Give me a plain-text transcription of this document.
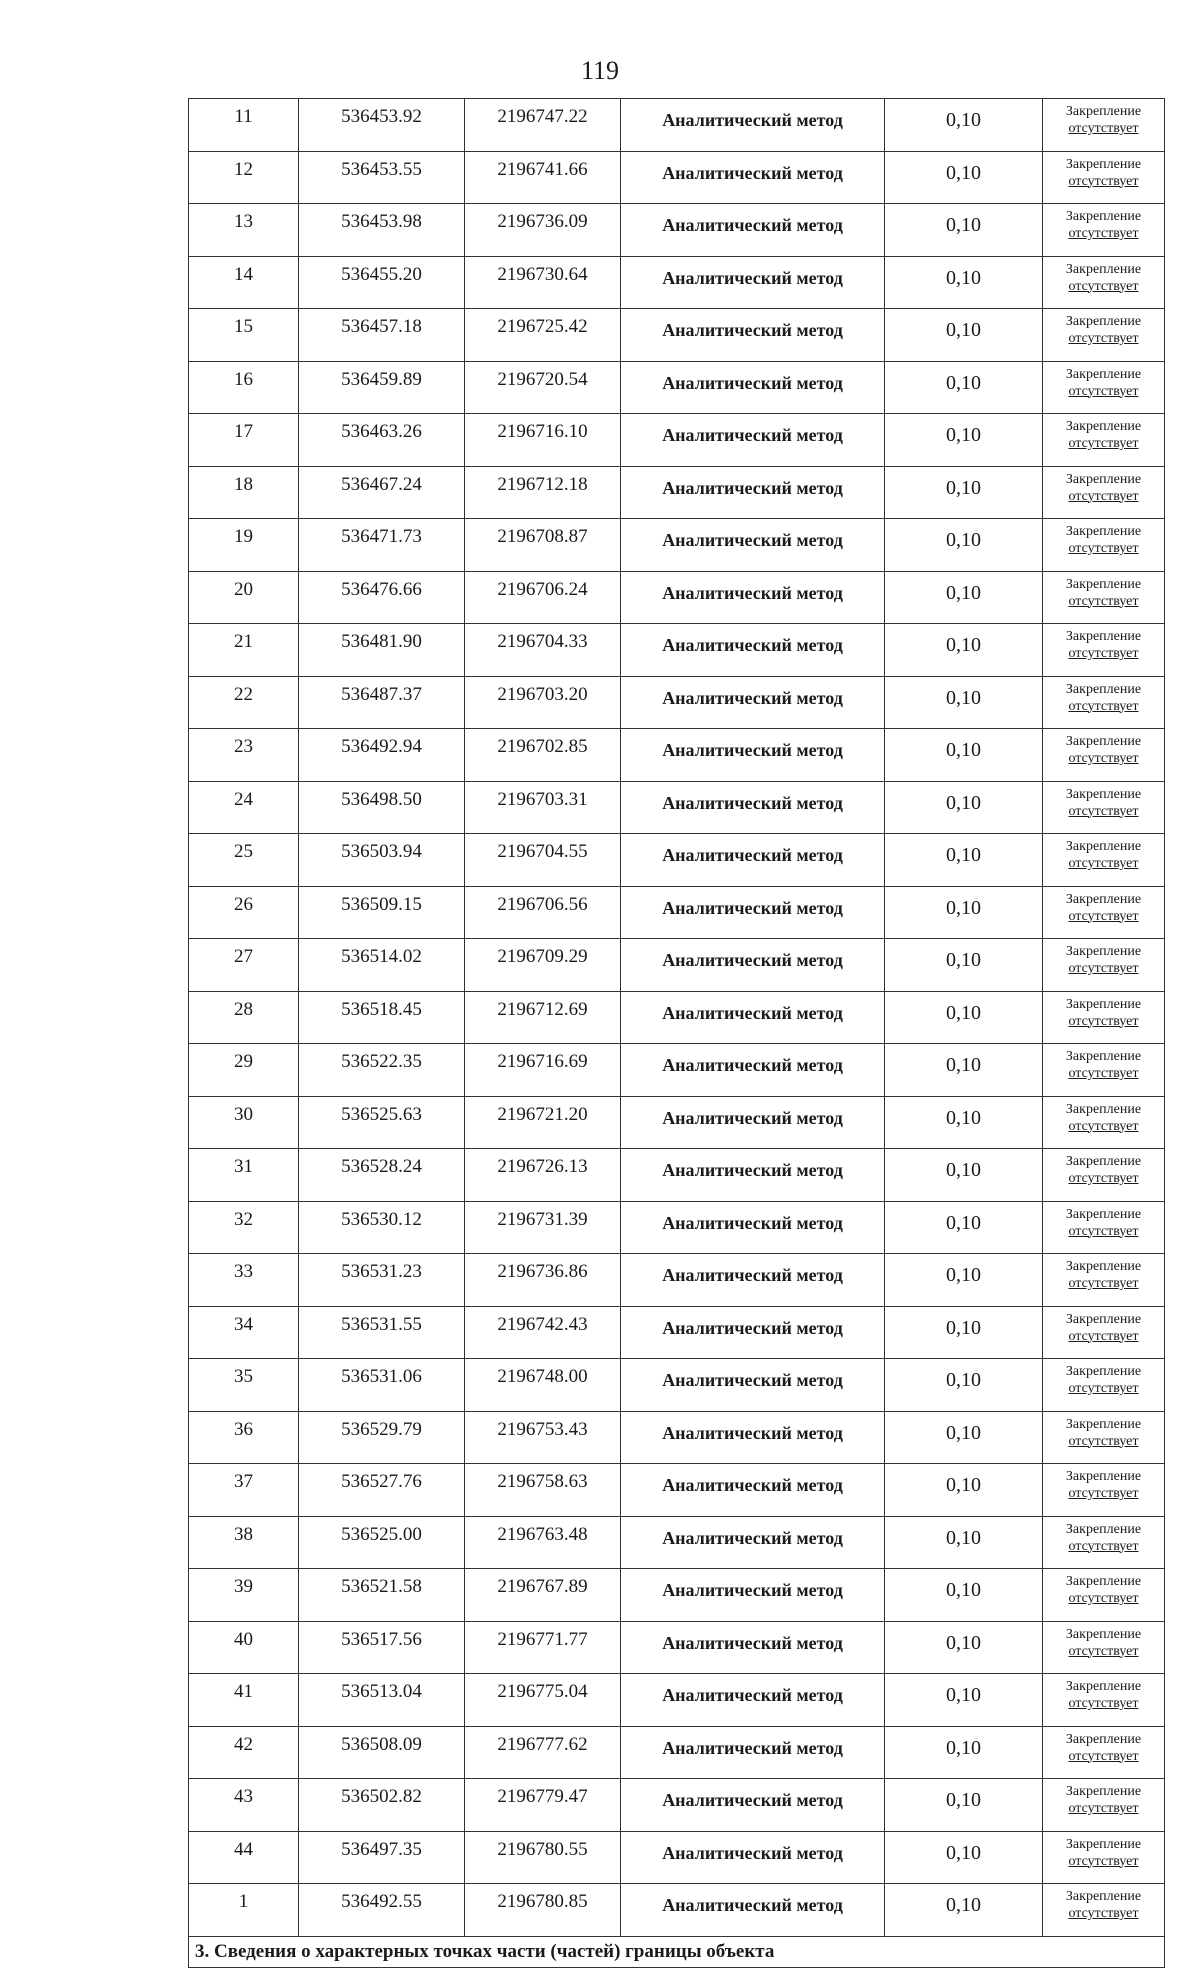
119
11	536453.92	2196747.22	Аналитический метод	0,10	Закрепление
отсутствует

12	536453.55	2196741.66	Аналитический метод	0,10	Закрепление
отсутствует

13	536453.98	2196736.09	Аналитический метод	0,10	Закрепление
отсутствует

14	536455.20	2196730.64	Аналитический метод	0,10	Закрепление
отсутствует

15	536457.18	2196725.42	Аналитический метод	0,10	Закрепление
отсутствует

16	536459.89	2196720.54	Аналитический метод	0,10	Закрепление
отсутствует

17	536463.26	2196716.10	Аналитический метод	0,10	Закрепление
отсутствует

18	536467.24	2196712.18	Аналитический метод	0,10	Закрепление
отсутствует

19	536471.73	2196708.87	Аналитический метод	0,10	Закрепление
отсутствует

20	536476.66	2196706.24	Аналитический метод	0,10	Закрепление
отсутствует

21	536481.90	2196704.33	Аналитический метод	0,10	Закрепление
отсутствует

22	536487.37	2196703.20	Аналитический метод	0,10	Закрепление
отсутствует

23	536492.94	2196702.85	Аналитический метод	0,10	Закрепление
отсутствует

24	536498.50	2196703.31	Аналитический метод	0,10	Закрепление
отсутствует

25	536503.94	2196704.55	Аналитический метод	0,10	Закрепление
отсутствует

26	536509.15	2196706.56	Аналитический метод	0,10	Закрепление
отсутствует

27	536514.02	2196709.29	Аналитический метод	0,10	Закрепление
отсутствует

28	536518.45	2196712.69	Аналитический метод	0,10	Закрепление
отсутствует

29	536522.35	2196716.69	Аналитический метод	0,10	Закрепление
отсутствует

30	536525.63	2196721.20	Аналитический метод	0,10	Закрепление
отсутствует

31	536528.24	2196726.13	Аналитический метод	0,10	Закрепление
отсутствует

32	536530.12	2196731.39	Аналитический метод	0,10	Закрепление
отсутствует

33	536531.23	2196736.86	Аналитический метод	0,10	Закрепление
отсутствует

34	536531.55	2196742.43	Аналитический метод	0,10	Закрепление
отсутствует

35	536531.06	2196748.00	Аналитический метод	0,10	Закрепление
отсутствует

36	536529.79	2196753.43	Аналитический метод	0,10	Закрепление
отсутствует

37	536527.76	2196758.63	Аналитический метод	0,10	Закрепление
отсутствует

38	536525.00	2196763.48	Аналитический метод	0,10	Закрепление
отсутствует

39	536521.58	2196767.89	Аналитический метод	0,10	Закрепление
отсутствует

40	536517.56	2196771.77	Аналитический метод	0,10	Закрепление
отсутствует

41	536513.04	2196775.04	Аналитический метод	0,10	Закрепление
отсутствует

42	536508.09	2196777.62	Аналитический метод	0,10	Закрепление
отсутствует

43	536502.82	2196779.47	Аналитический метод	0,10	Закрепление
отсутствует

44	536497.35	2196780.55	Аналитический метод	0,10	Закрепление
отсутствует

1	536492.55	2196780.85	Аналитический метод	0,10	Закрепление
отсутствует

3. Сведения о характерных точках части (частей) границы объекта					
